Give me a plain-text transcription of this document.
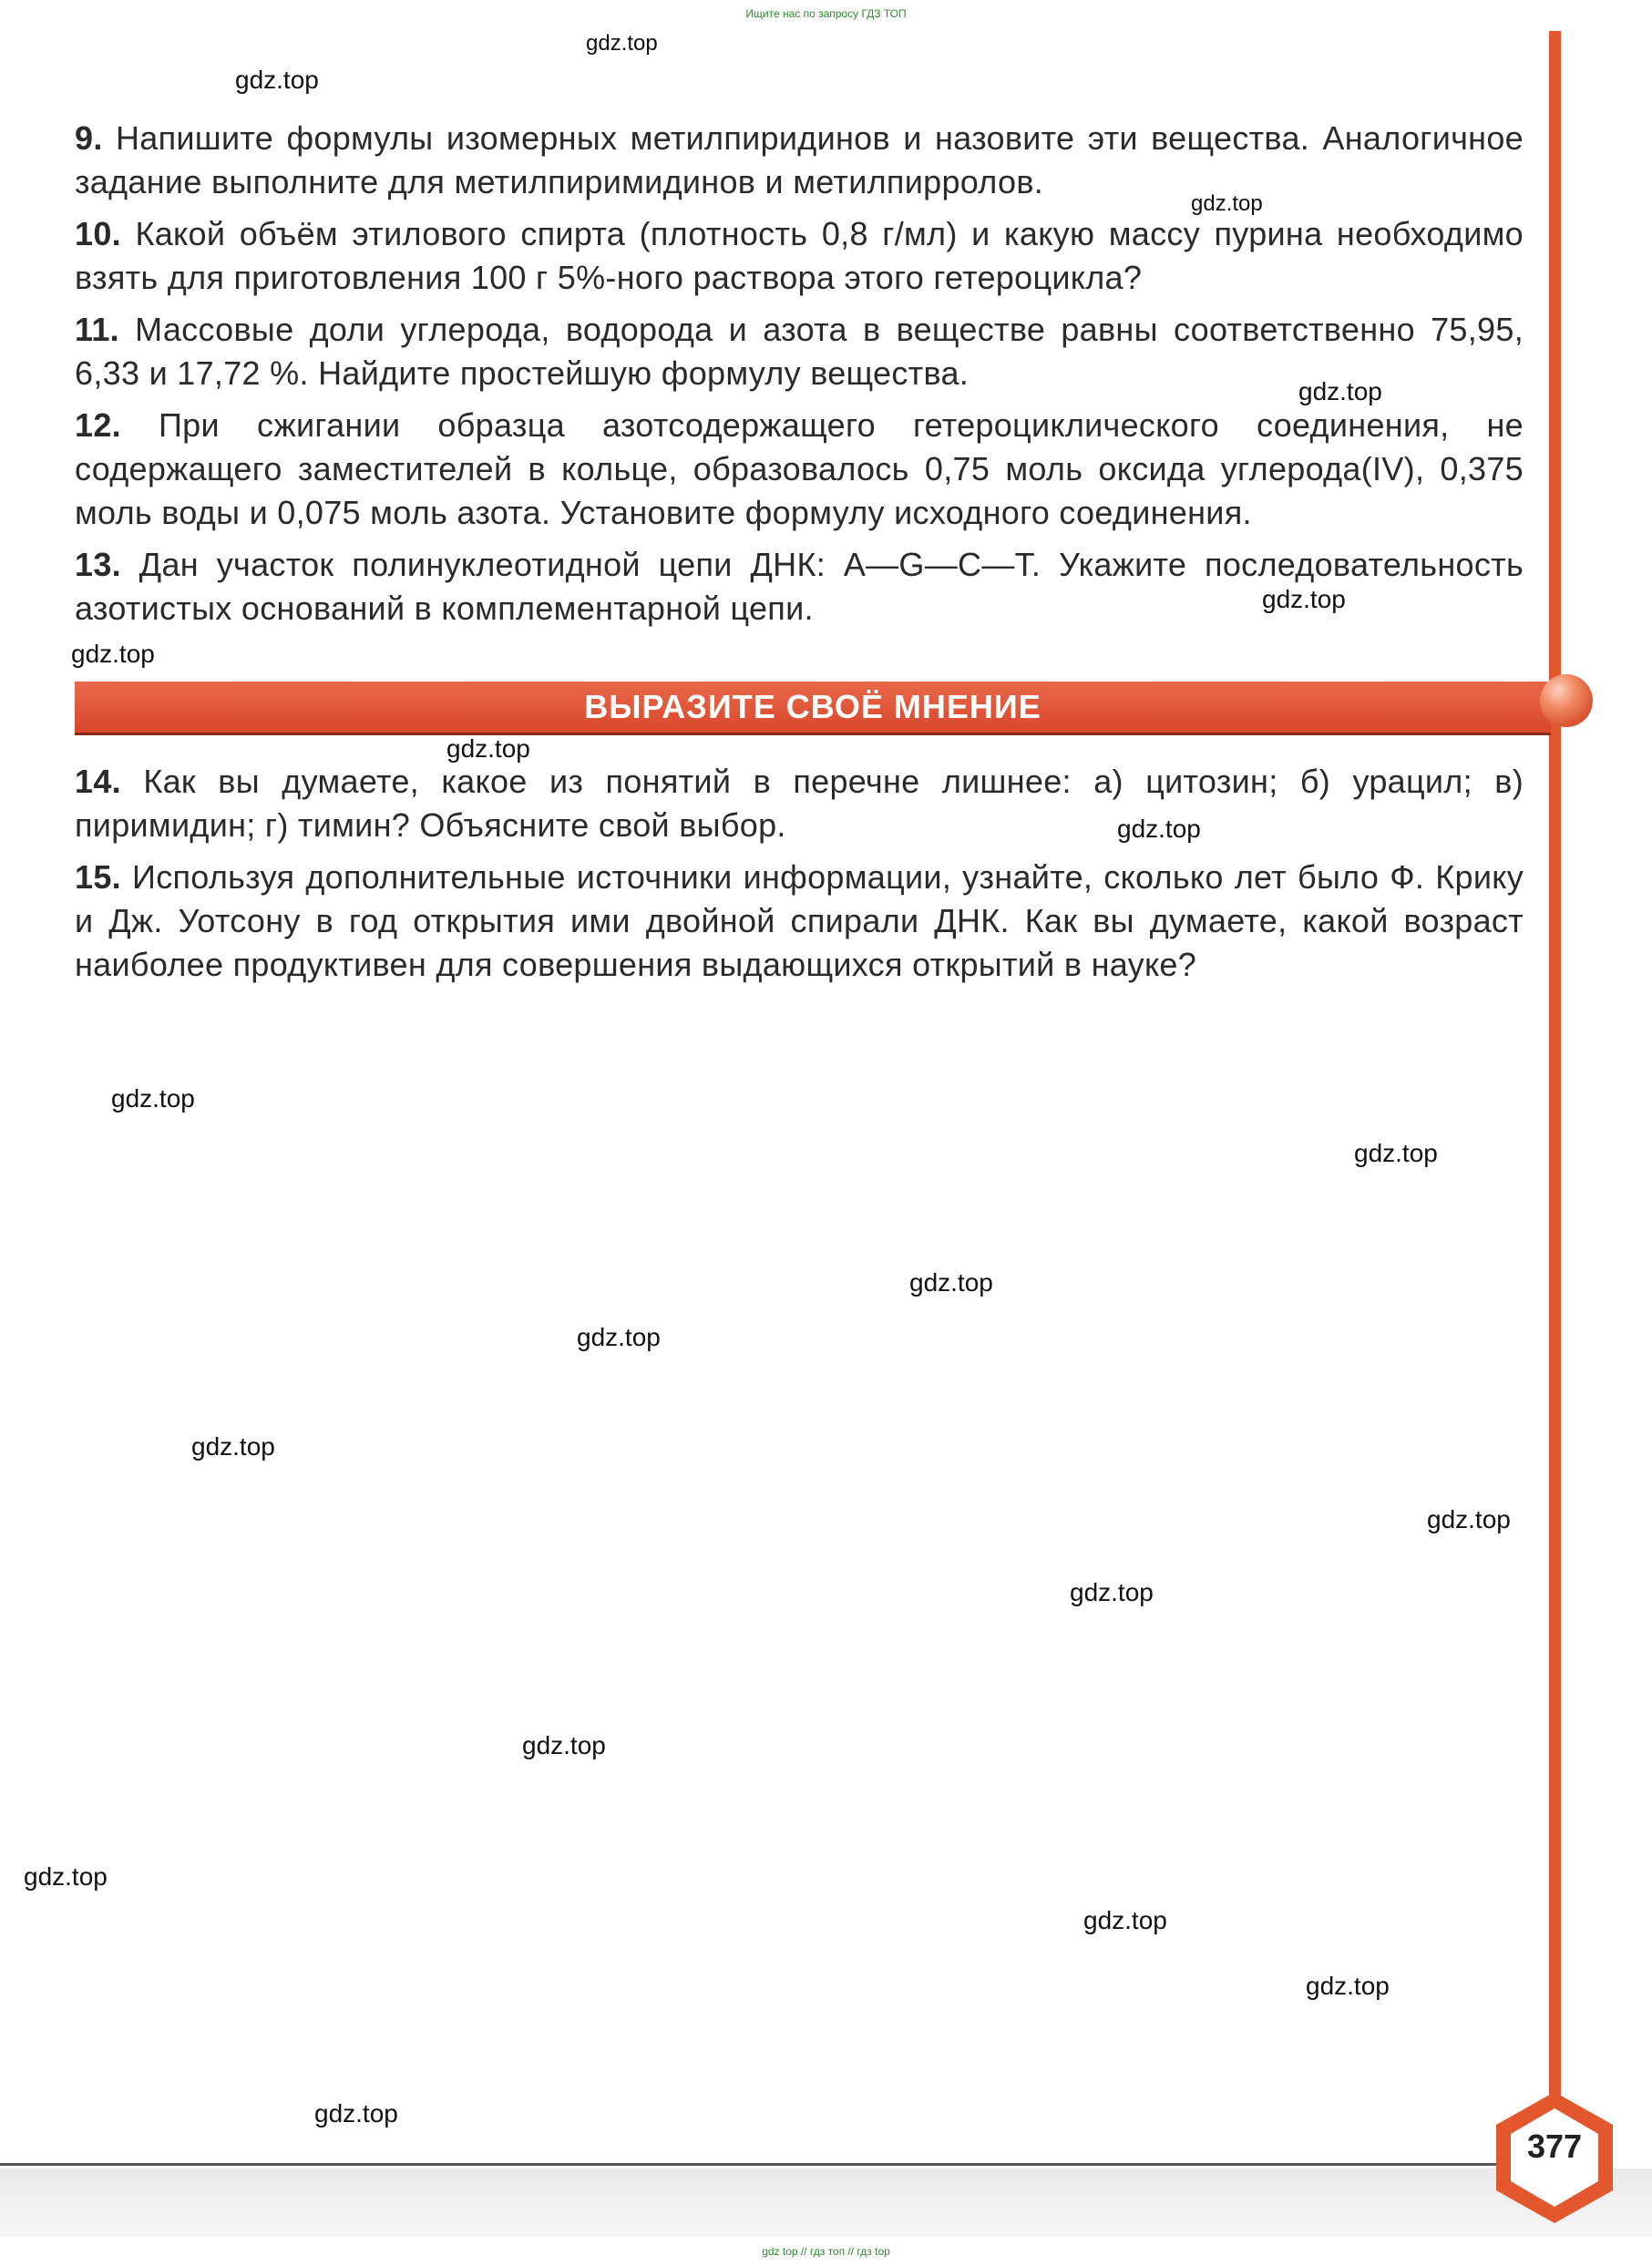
Ищите нас по запросу ГДЗ ТОП

9. Напишите формулы изомерных метилпиридинов и назовите эти вещества. Аналогичное задание выполните для метилпиримидинов и метилпирролов.

10. Какой объём этилового спирта (плотность 0,8 г/мл) и какую массу пурина необходимо взять для приготовления 100 г 5%-ного раствора этого гетероцикла?

11. Массовые доли углерода, водорода и азота в веществе равны соответственно 75,95, 6,33 и 17,72 %. Найдите простейшую формулу вещества.

12. При сжигании образца азотсодержащего гетероциклического соединения, не содержащего заместителей в кольце, образовалось 0,75 моль оксида углерода(IV), 0,375 моль воды и 0,075 моль азота. Установите формулу исходного соединения.

13. Дан участок полинуклеотидной цепи ДНК: A—G—C—T. Укажите последовательность азотистых оснований в комплементарной цепи.

ВЫРАЗИТЕ СВОЁ МНЕНИЕ

14. Как вы думаете, какое из понятий в перечне лишнее: а) цитозин; б) урацил; в) пиримидин; г) тимин? Объясните свой выбор.

15. Используя дополнительные источники информации, узнайте, сколько лет было Ф. Крику и Дж. Уотсону в год открытия ими двойной спирали ДНК. Как вы думаете, какой возраст наиболее продуктивен для совершения выдающихся открытий в науке?

377
gdz.top
gdz.top
gdz.top
gdz.top
gdz.top
gdz.top
gdz.top
gdz.top
gdz.top
gdz.top
gdz.top
gdz.top
gdz.top
gdz.top
gdz.top
gdz.top
gdz.top
gdz.top
gdz.top
gdz.top
gdz top // гдз топ // гдз top
